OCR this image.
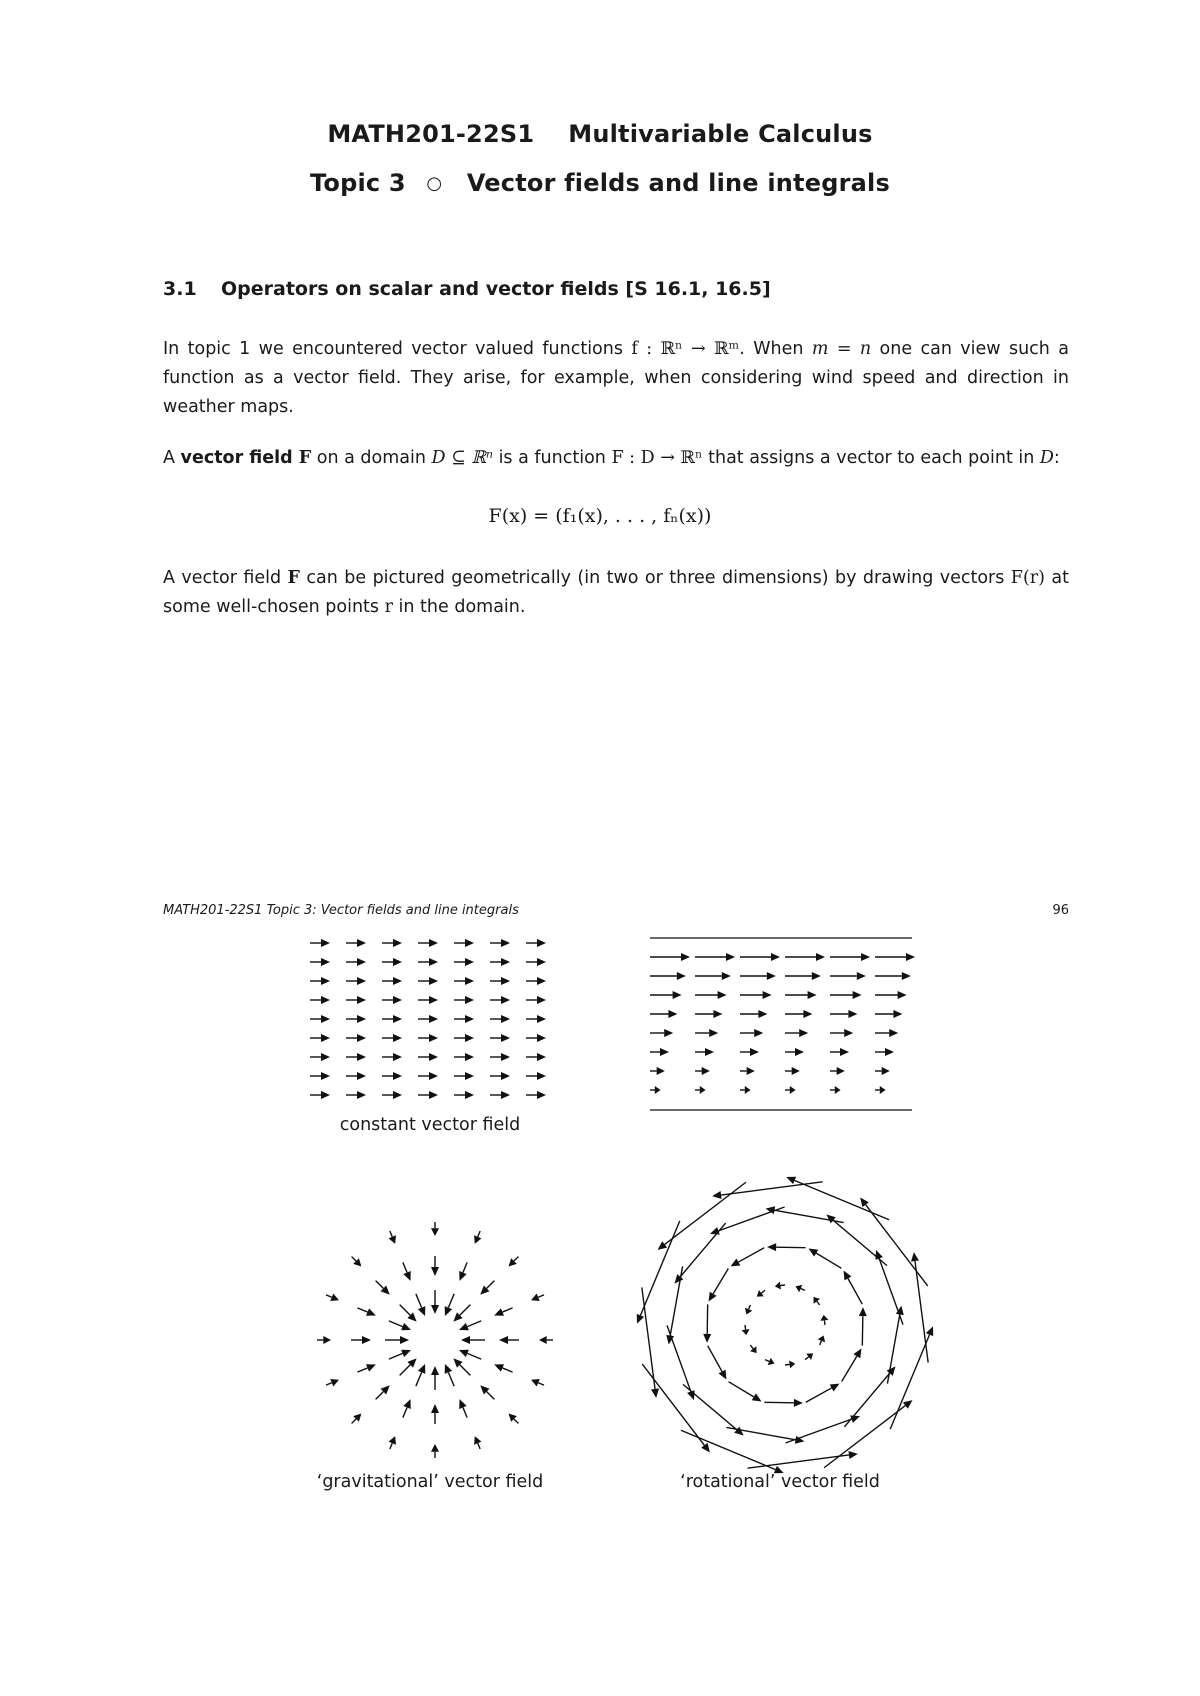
MATH201-22S1 Multivariable Calculus
Topic 3 ○ Vector fields and line integrals
3.1 Operators on scalar and vector fields [S 16.1, 16.5]
In topic 1 we encountered vector valued functions f : ℝⁿ → ℝᵐ. When m = n one can view such a function as a vector field. They arise, for example, when considering wind speed and direction in weather maps.
A vector field F on a domain D ⊆ ℝⁿ is a function F : D → ℝⁿ that assigns a vector to each point in D:
F(x) = (f₁(x), . . . , fₙ(x))
A vector field F can be pictured geometrically (in two or three dimensions) by drawing vectors F(r) at some well-chosen points r in the domain.
MATH201-22S1 Topic 3: Vector fields and line integrals	96
constant vector field
‘gravitational’ vector field	‘rotational’ vector field
